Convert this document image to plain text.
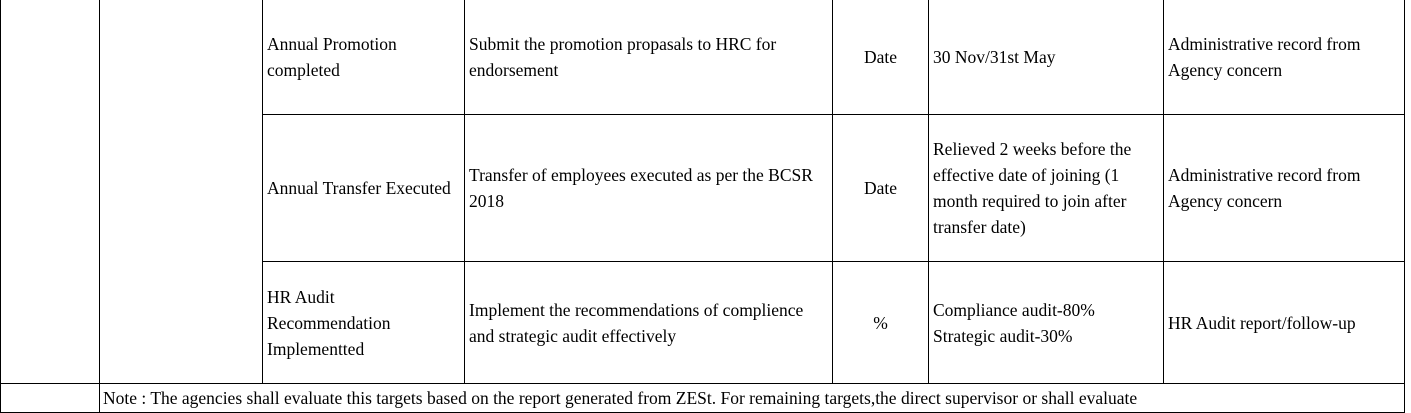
		Annual Promotion completed	Submit the promotion propasals to HRC for endorsement	Date	30 Nov/31st May	Administrative record from Agency concern
		Annual Transfer Executed	Transfer of employees executed as per the BCSR 2018	Date	Relieved 2 weeks before the effective date of joining (1 month required to join after transfer date)	Administrative record from Agency concern
		HR Audit Recommendation Implementted	Implement the recommendations of complience and strategic audit effectively	%	Compliance audit-80% Strategic audit-30%	HR Audit report/follow-up
	Note : The agencies shall evaluate this targets based on the report generated from ZESt. For remaining targets,the direct supervisor or shall evaluate					
